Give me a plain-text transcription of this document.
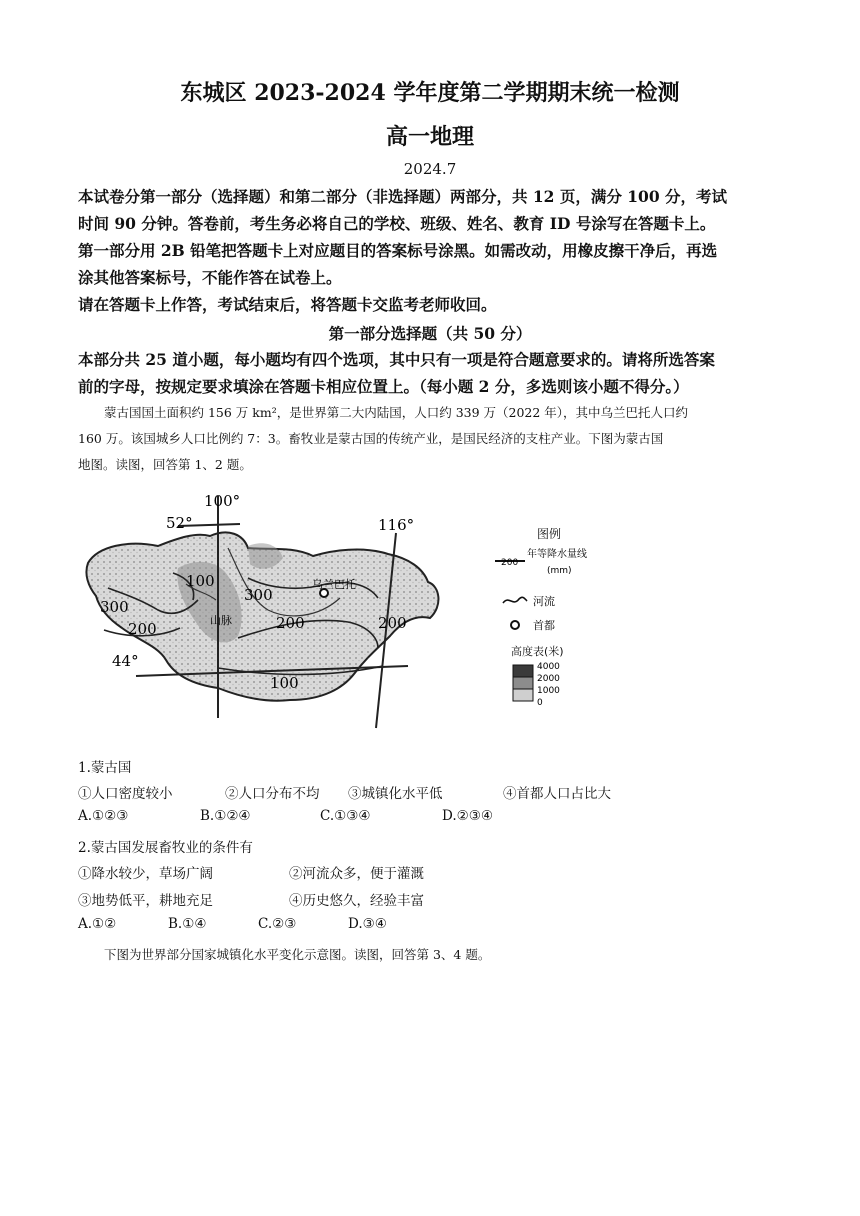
东城区 2023-2024 学年度第二学期期末统一检测
高一地理
2024.7
本试卷分第一部分（选择题）和第二部分（非选择题）两部分，共 12 页，满分 100 分，考试
时间 90 分钟。答卷前，考生务必将自己的学校、班级、姓名、教育 ID 号涂写在答题卡上。
第一部分用 2B 铅笔把答题卡上对应题目的答案标号涂黑。如需改动，用橡皮擦干净后，再选
涂其他答案标号，不能作答在试卷上。
请在答题卡上作答，考试结束后，将答题卡交监考老师收回。
第一部分选择题（共 50 分）
本部分共 25 道小题，每小题均有四个选项，其中只有一项是符合题意要求的。请将所选答案
前的字母，按规定要求填涂在答题卡相应位置上。（每小题 2 分，多选则该小题不得分。）
蒙古国国土面积约 156 万 km²，是世界第二大内陆国，人口约 339 万（2022 年），其中乌兰巴托人口约
160 万。该国城乡人口比例约 7：3。畜牧业是蒙古国的传统产业，是国民经济的支柱产业。下图为蒙古国
地图。读图，回答第 1、2 题。
100°
116°
52°
44°
100
300
200
300
200	200
100
乌兰巴托
山脉
图例
200
年等降水量线
(mm)
河流
首都
高度表(米)
4000
2000
1000
0
1.蒙古国
①人口密度较小	②人口分布不均 ③城镇化水平低	④首都人口占比大
A.①②③	B.①②④	C.①③④	D.②③④
2.蒙古国发展畜牧业的条件有
①降水较少，草场广阔	②河流众多，便于灌溉
③地势低平，耕地充足	④历史悠久，经验丰富
A.①②	B.①④	C.②③	D.③④
下图为世界部分国家城镇化水平变化示意图。读图，回答第 3、4 题。
